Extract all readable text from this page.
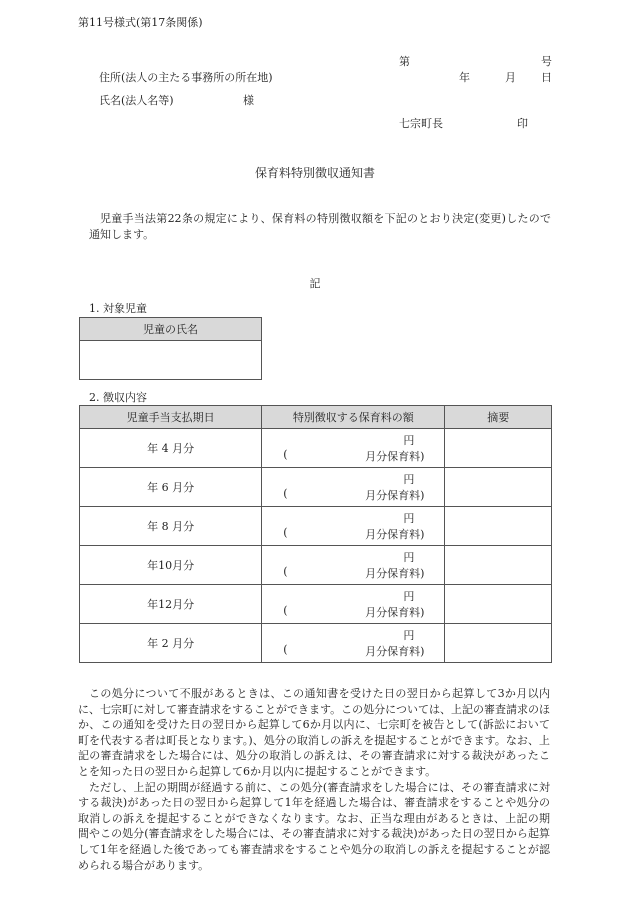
第11号様式(第17条関係)
第	号
住所(法人の主たる事務所の所在地)	年	月 日
氏名(法人名等)	様
七宗町長	印
保育料特別徴収通知書

児童手当法第22条の規定により、保育料の特別徴収額を下記のとおり決定(変更)したので通知します。

記
1. 対象児童
児童の氏名

2. 徴収内容
児童手当支払期日	特別徴収する保育料の額	摘要
年 4 月分	円
( 月分保育料)	

年 6 月分	円
( 月分保育料)	

年 8 月分	円
( 月分保育料)	

年10月分	円
( 月分保育料)	

年12月分	円
( 月分保育料)	

年 2 月分	円
( 月分保育料)	

この処分について不服があるときは、この通知書を受けた日の翌日から起算して3か月以内に、七宗町に対して審査請求をすることができます。この処分については、上記の審査請求のほか、この通知を受けた日の翌日から起算して6か月以内に、七宗町を被告として(訴訟において町を代表する者は町長となります。)、処分の取消しの訴えを提起することができます。なお、上記の審査請求をした場合には、処分の取消しの訴えは、その審査請求に対する裁決があったことを知った日の翌日から起算して6か月以内に提起することができます。

ただし、上記の期間が経過する前に、この処分(審査請求をした場合には、その審査請求に対する裁決)があった日の翌日から起算して1年を経過した場合は、審査請求をすることや処分の取消しの訴えを提起することができなくなります。なお、正当な理由があるときは、上記の期間やこの処分(審査請求をした場合には、その審査請求に対する裁決)があった日の翌日から起算して1年を経過した後であっても審査請求をすることや処分の取消しの訴えを提起することが認められる場合があります。
